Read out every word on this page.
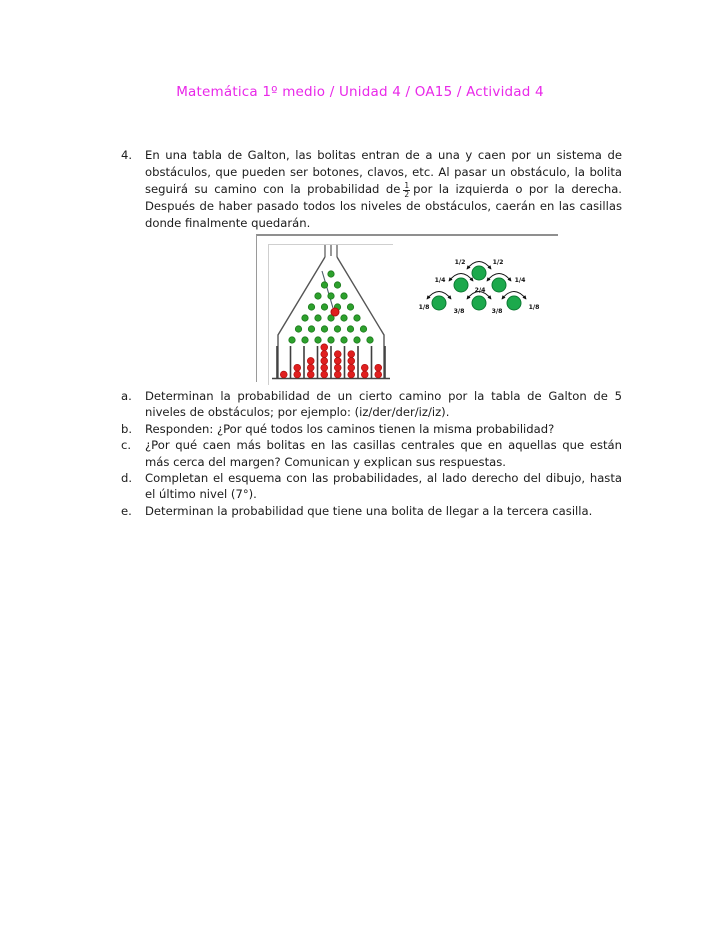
Matemática 1º medio / Unidad 4 / OA15 / Actividad 4
4. En una tabla de Galton, las bolitas entran de a una y caen por un sistema de obstáculos, que pueden ser botones, clavos, etc. Al pasar un obstáculo, la bolita seguirá su camino con la probabilidad de $\frac{1}{2}$ por la izquierda o por la derecha. Después de haber pasado todos los niveles de obstáculos, caerán en las casillas donde finalmente quedarán.
1/2	1/2
1/4
2/4
1/4
1/8
3/8	3/8
1/8
a. Determinan la probabilidad de un cierto camino por la tabla de Galton de 5 niveles de obstáculos; por ejemplo: (iz/der/der/iz/iz).
b. Responden: ¿Por qué todos los caminos tienen la misma probabilidad?
c. ¿Por qué caen más bolitas en las casillas centrales que en aquellas que están más cerca del margen? Comunican y explican sus respuestas.
d. Completan el esquema con las probabilidades, al lado derecho del dibujo, hasta el último nivel (7°).
e. Determinan la probabilidad que tiene una bolita de llegar a la tercera casilla.
